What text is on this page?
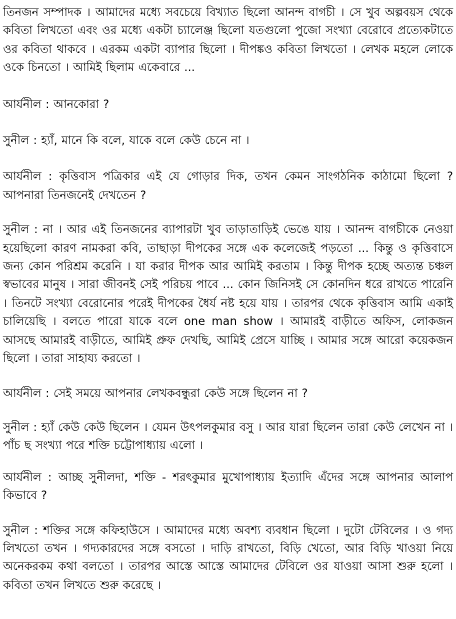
তিনজন সম্পাদক । আমাদের মধ্যে সবচেয়ে বিখ্যাত ছিলো আনন্দ বাগচী । সে খুব অল্পবয়স থেকে কবিতা লিখতো এবং ওর মধ্যে একটা চ্যালেঞ্জ ছিলো যতগুলো পুজো সংখ্যা বেরোবে প্রত্যেকটাতে ওর কবিতা থাকবে । এরকম একটা ব্যাপার ছিলো । দীপঙ্কও কবিতা লিখতো । লেখক মহলে লোকে ওকে চিনতো । আমিই ছিলাম একেবারে ...

আর্যনীল : আনকোরা ?

সুনীল : হ্যাঁ, মানে কি বলে, যাকে বলে কেউ চেনে না ।

আর্যনীল : কৃত্তিবাস পত্রিকার এই যে গোড়ার দিক, তখন কেমন সাংগঠনিক কাঠামো ছিলো ? আপনারা তিনজনেই দেখতেন ?

সুনীল : না । আর এই তিনজনের ব্যাপারটা খুব তাড়াতাড়িই ভেঙে যায় । আনন্দ বাগচীকে নেওয়া হয়েছিলো কারণ নামকরা কবি, তাছাড়া দীপকের সঙ্গে এক কলেজেই পড়তো ... কিন্তু ও কৃত্তিবাসে জন্য কোন পরিশ্রম করেনি । যা করার দীপক আর আমিই করতাম । কিন্তু দীপক হচ্ছে অত্যন্ত চঞ্চল স্বভাবের মানুষ । সারা জীবনই সেই পরিচয় পাবে ... কোন জিনিসই সে কোনদিন ধরে রাখতে পারেনি । তিনটে সংখ্যা বেরোনোর পরেই দীপকের ধৈর্য নষ্ট হয়ে যায় । তারপর থেকে কৃত্তিবাস আমি একাই চালিয়েছি । বলতে পারো যাকে বলে one man show । আমারই বাড়ীতে অফিস, লোকজন আসছে আমারই বাড়ীতে, আমিই প্রুফ দেখছি, আমিই প্রেসে যাচ্ছি । আমার সঙ্গে আরো কয়েকজন ছিলো । তারা সাহায্য করতো ।

আর্যনীল : সেই সময়ে আপনার লেখকবন্ধুরা কেউ সঙ্গে ছিলেন না ?

সুনীল : হ্যাঁ কেউ কেউ ছিলেন । যেমন উৎপলকুমার বসু । আর যারা ছিলেন তারা কেউ লেখেন না । পাঁচ ছ সংখ্যা পরে শক্তি চট্টোপাধ্যায় এলো ।

আর্যনীল : আচ্ছ সুনীলদা, শক্তি - শরৎকুমার মুখোপাধ্যায় ইত্যাদি এঁদের সঙ্গে আপনার আলাপ কিভাবে ?

সুনীল : শক্তির সঙ্গে কফিহাউসে । আমাদের মধ্যে অবশ্য ব্যবধান ছিলো । দুটো টেবিলের । ও গদ্য লিখতো তখন । গদ্যকারদের সঙ্গে বসতো । দাড়ি রাখতো, বিড়ি খেতো, আর বিড়ি খাওয়া নিয়ে অনেকরকম কথা বলতো । তারপর আস্তে আস্তে আমাদের টেবিলে ওর যাওয়া আসা শুরু হলো । কবিতা তখন লিখতে শুরু করেছে ।
